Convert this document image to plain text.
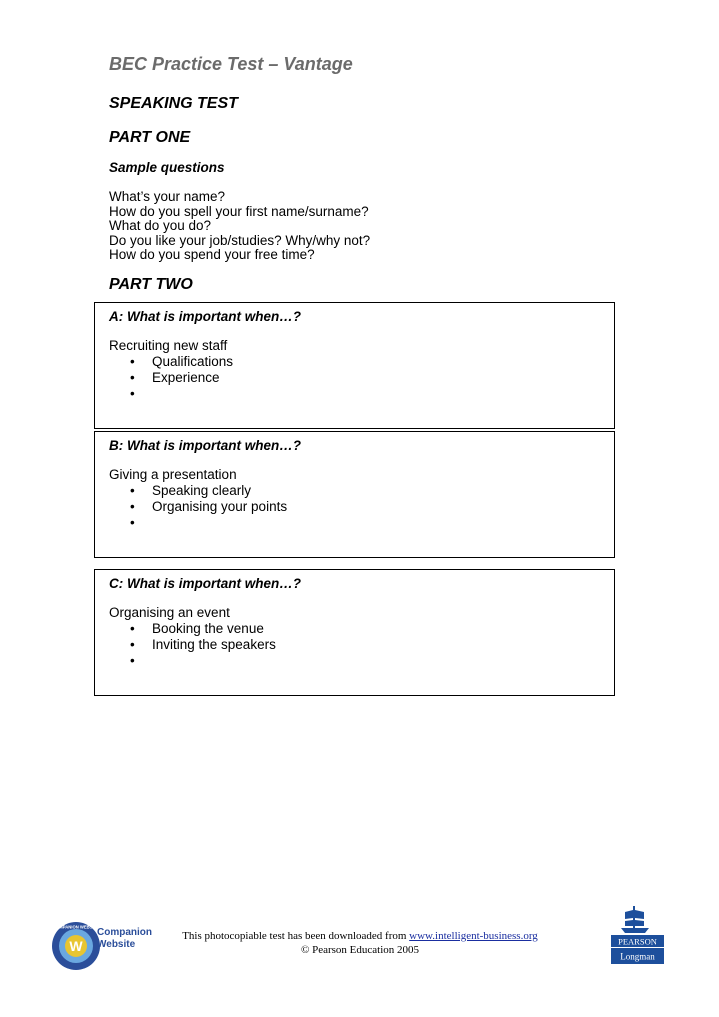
BEC Practice Test – Vantage
SPEAKING TEST
PART ONE
Sample questions
What’s your name?
How do you spell your first name/surname?
What do you do?
Do you like your job/studies? Why/why not?
How do you spend your free time?
PART TWO
A: What is important when…?
Recruiting new staff
• Qualifications
• Experience
•
B: What is important when…?
Giving a presentation
• Speaking clearly
• Organising your points
•
C: What is important when…?
Organising an event
• Booking the venue
• Inviting the speakers
•
W
COMPANION WEBSITE
Companion
Website
This photocopiable test has been downloaded from www.intelligent-business.org
© Pearson Education 2005
PEARSON
Longman
